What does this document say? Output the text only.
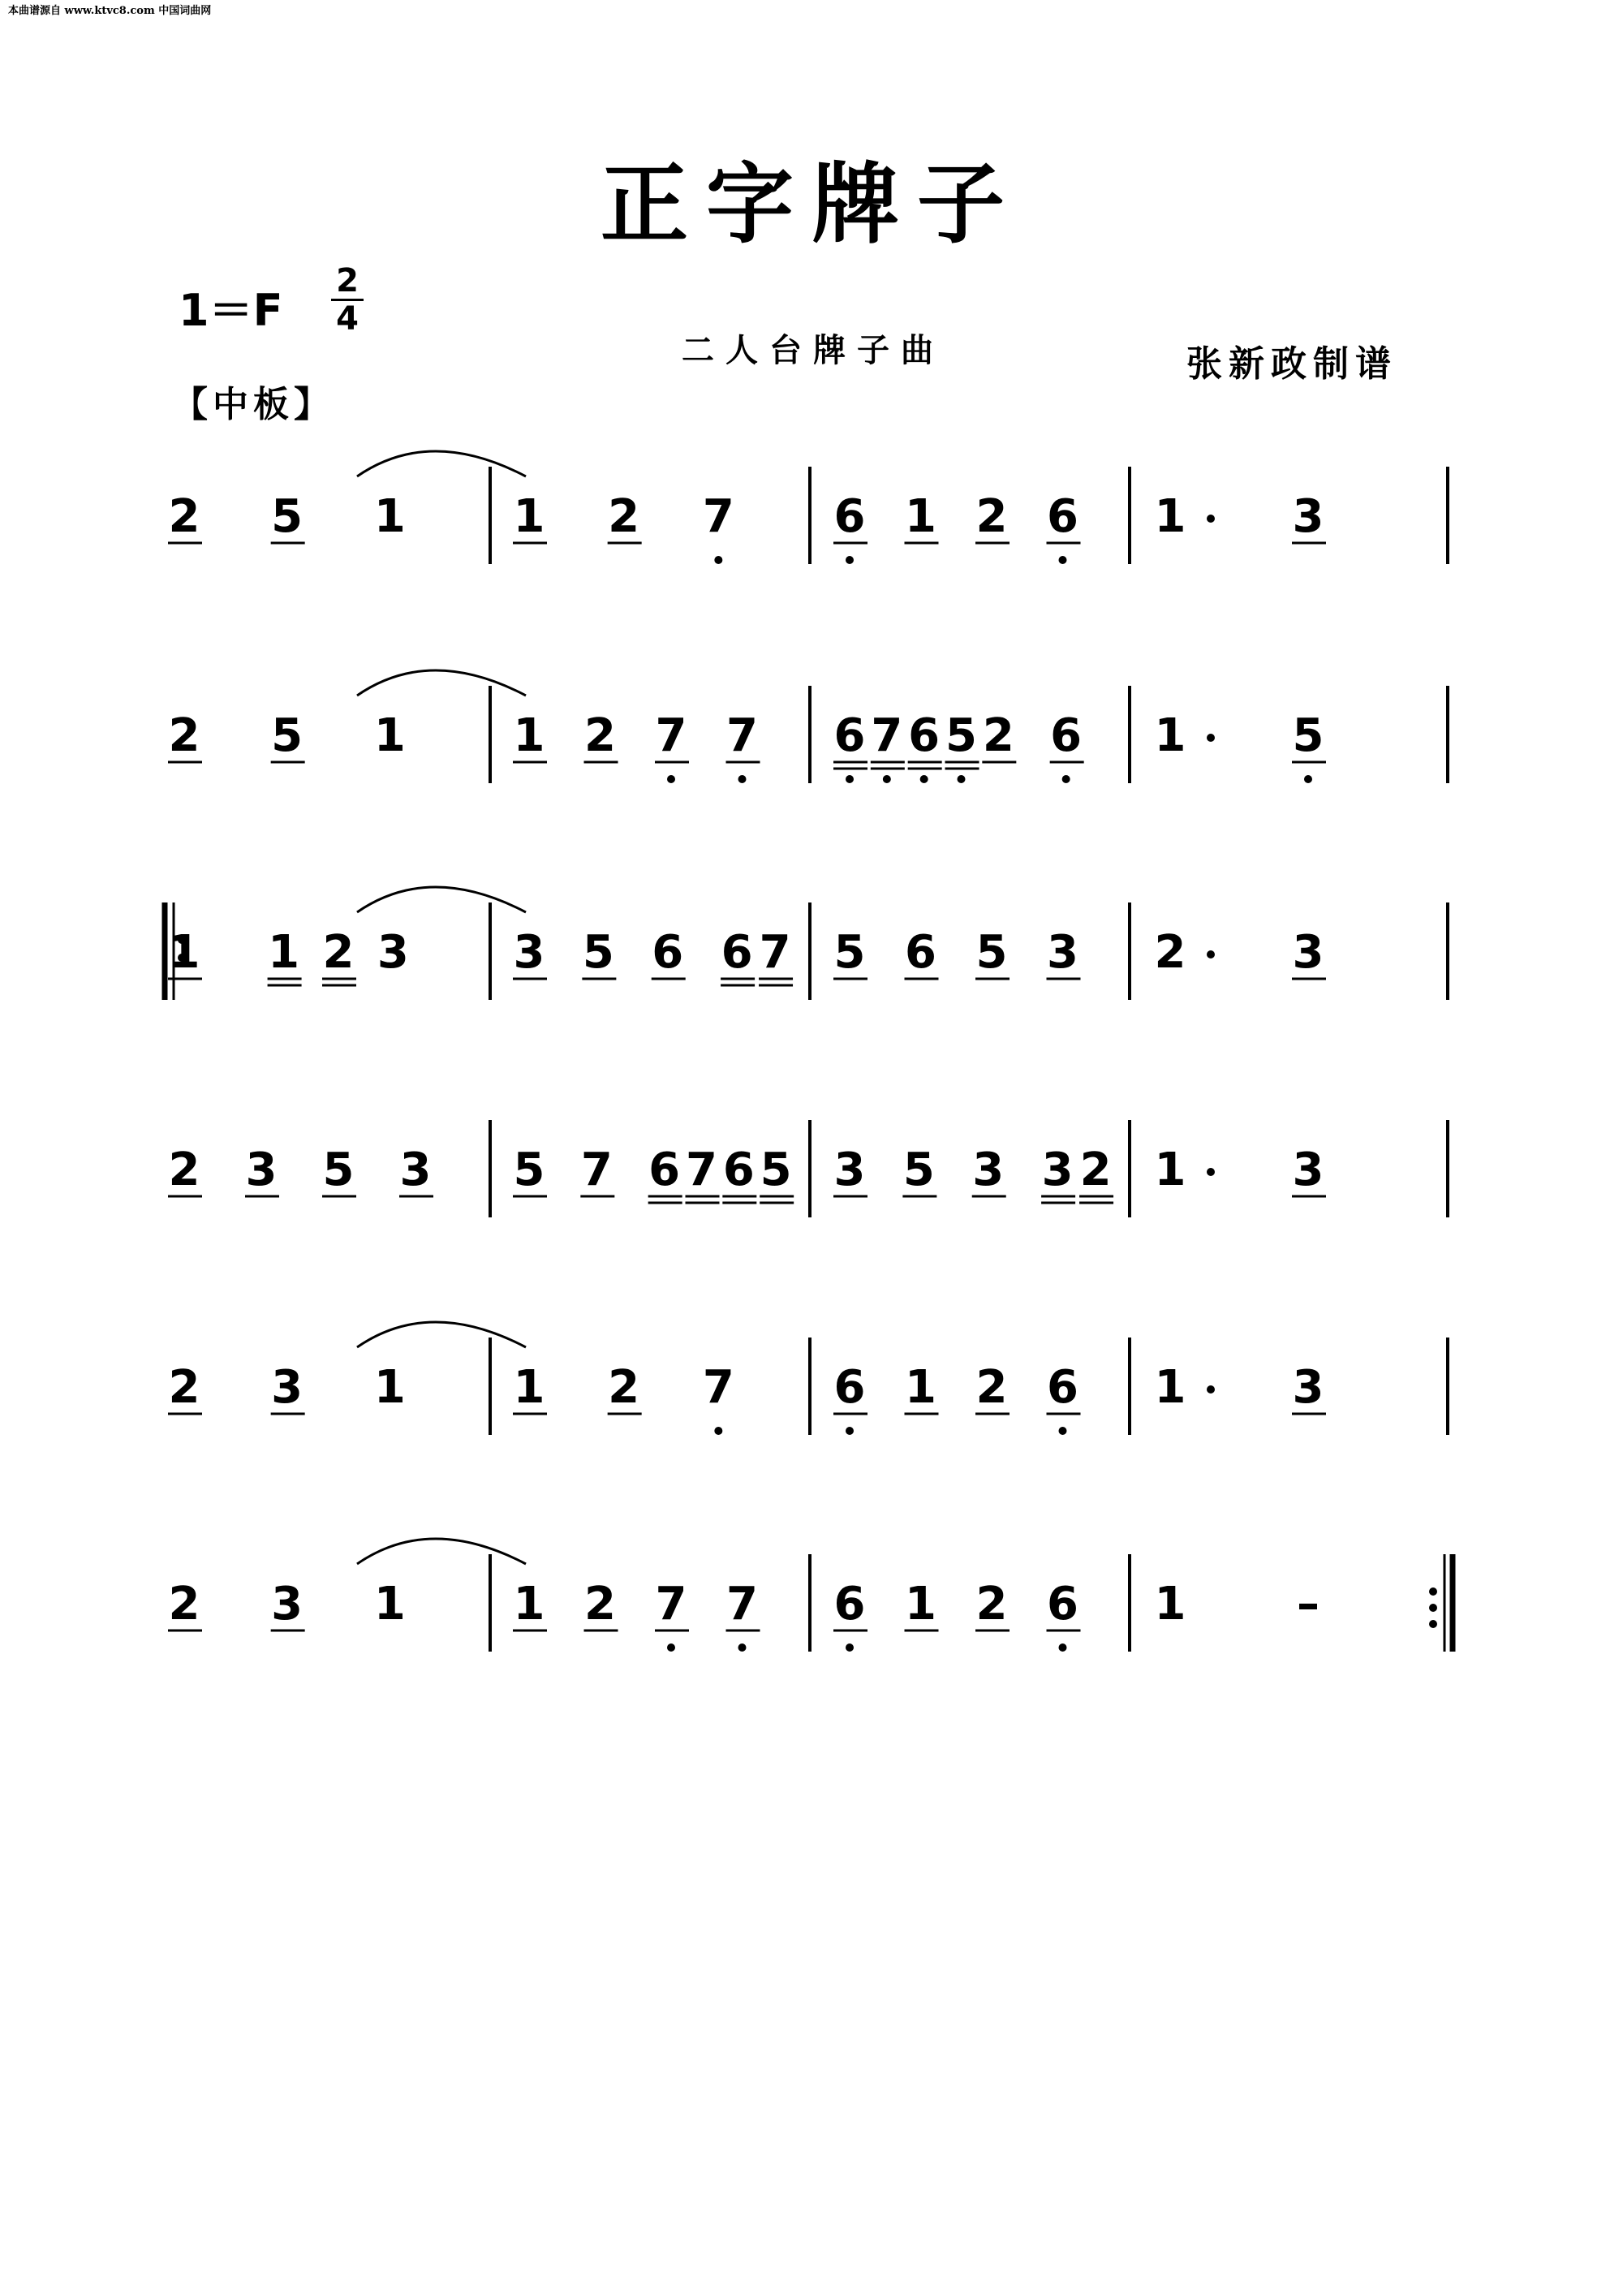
本曲谱源自 www.ktvc8.com 中国词曲网
正字牌子
1＝F
2
4
二人台牌子曲	张新政制谱
【中板】
2 5 1 1 2 7 6 1 2 6 1 3
2 5 1 1 2 7 7 6 7 6 5 2 6 1 5
1 1 2 3 3 5 6 6 7 5 6 5 3 2 3
2 3 5 3 5 7 6 7 6 5 3 5 3 3 2 1 3
2 3 1 1 2 7 6 1 2 6 1 3
2 3 1 1 2 7 7 6 1 2 6 1 –
